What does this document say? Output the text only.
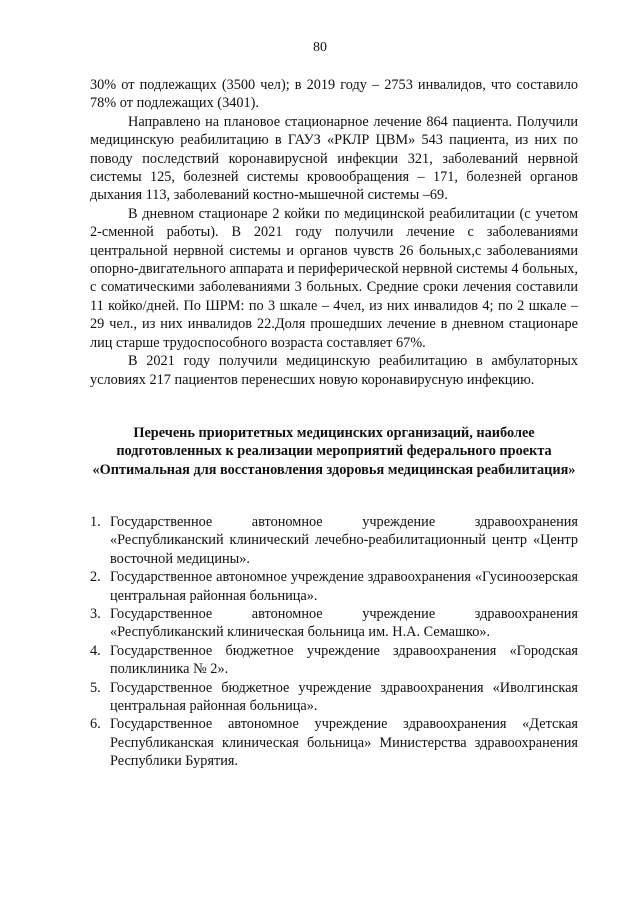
80

30% от подлежащих (3500 чел); в 2019 году – 2753 инвалидов, что составило 78% от подлежащих (3401).

Направлено на плановое стационарное лечение 864 пациента. Получили медицинскую реабилитацию в ГАУЗ «РКЛР ЦВМ» 543 пациента, из них по поводу последствий коронавирусной инфекции 321, заболеваний нервной системы 125, болезней системы кровообращения – 171, болезней органов дыхания 113, заболеваний костно-мышечной системы –69.

В дневном стационаре 2 койки по медицинской реабилитации (с учетом 2-сменной работы). В 2021 году получили лечение с заболеваниями центральной нервной системы и органов чувств 26 больных,с заболеваниями опорно-двигательного аппарата и периферической нервной системы 4 больных, с соматическими заболеваниями 3 больных. Средние сроки лечения составили 11 койко/дней. По ШРМ: по 3 шкале – 4чел, из них инвалидов 4; по 2 шкале – 29 чел., из них инвалидов 22.Доля прошедших лечение в дневном стационаре лиц старше трудоспособного возраста составляет 67%.

В 2021 году получили медицинскую реабилитацию в амбулаторных условиях 217 пациентов перенесших новую коронавирусную инфекцию.

Перечень приоритетных медицинских организаций, наиболее подготовленных к реализации мероприятий федерального проекта «Оптимальная для восстановления здоровья медицинская реабилитация»
1. Государственное автономное учреждение здравоохранения «Республиканский клинический лечебно-реабилитационный центр «Центр восточной медицины».
2. Государственное автономное учреждение здравоохранения «Гусиноозерская центральная районная больница».
3. Государственное автономное учреждение здравоохранения «Республиканский клиническая больница им. Н.А. Семашко».
4. Государственное бюджетное учреждение здравоохранения «Городская поликлиника № 2».
5. Государственное бюджетное учреждение здравоохранения «Иволгинская центральная районная больница».
6. Государственное автономное учреждение здравоохранения «Детская Республиканская клиническая больница» Министерства здравоохранения Республики Бурятия.
